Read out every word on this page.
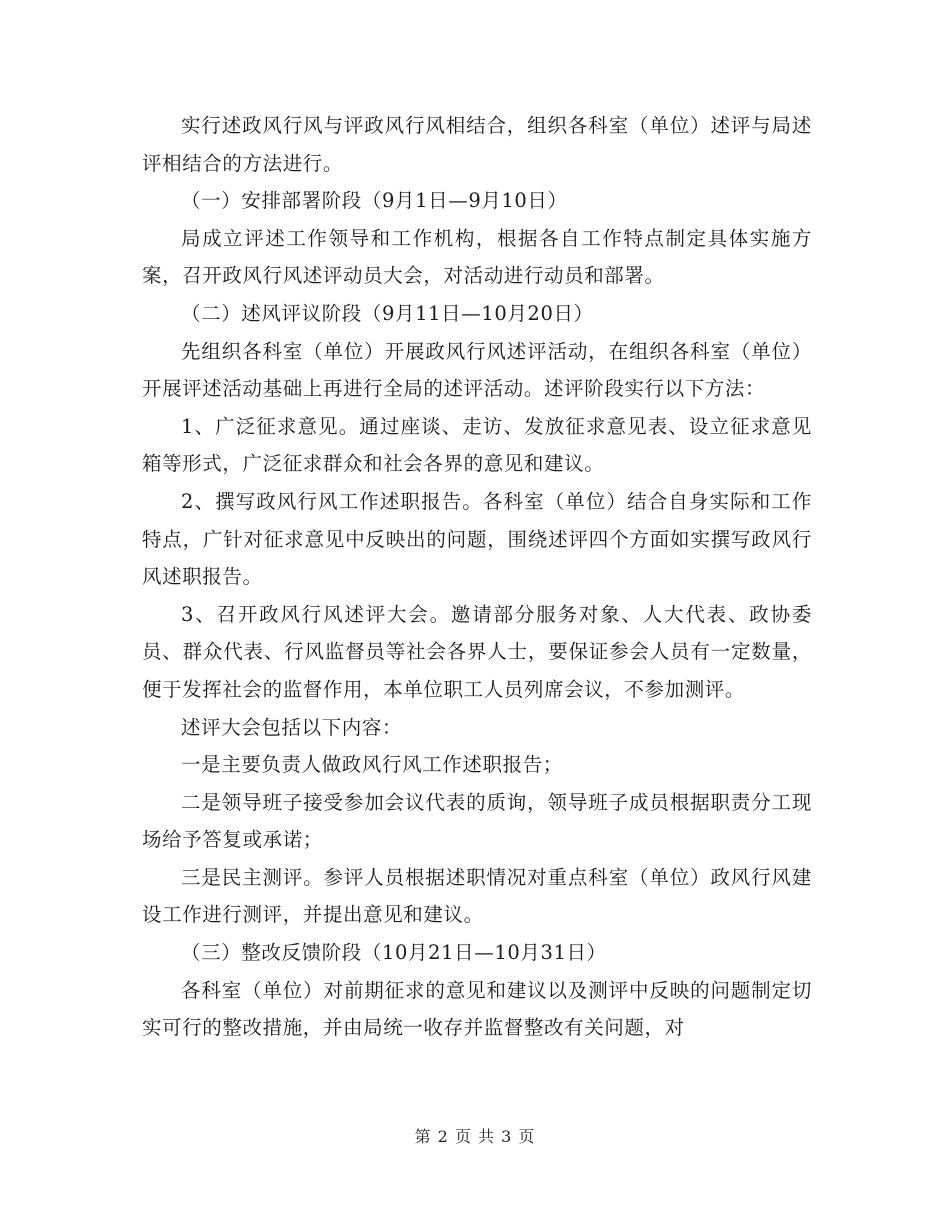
实行述政风行风与评政风行风相结合，组织各科室（单位）述评与局述评相结合的方法进行。

（一）安排部署阶段（9月1日—9月10日）

局成立评述工作领导和工作机构，根据各自工作特点制定具体实施方案，召开政风行风述评动员大会，对活动进行动员和部署。

（二）述风评议阶段（9月11日—10月20日）

先组织各科室（单位）开展政风行风述评活动，在组织各科室（单位）开展评述活动基础上再进行全局的述评活动。述评阶段实行以下方法：

1、广泛征求意见。通过座谈、走访、发放征求意见表、设立征求意见箱等形式，广泛征求群众和社会各界的意见和建议。

2、撰写政风行风工作述职报告。各科室（单位）结合自身实际和工作特点，广针对征求意见中反映出的问题，围绕述评四个方面如实撰写政风行风述职报告。

3、召开政风行风述评大会。邀请部分服务对象、人大代表、政协委员、群众代表、行风监督员等社会各界人士，要保证参会人员有一定数量，便于发挥社会的监督作用，本单位职工人员列席会议，不参加测评。

述评大会包括以下内容：

一是主要负责人做政风行风工作述职报告；

二是领导班子接受参加会议代表的质询，领导班子成员根据职责分工现场给予答复或承诺；

三是民主测评。参评人员根据述职情况对重点科室（单位）政风行风建设工作进行测评，并提出意见和建议。

（三）整改反馈阶段（10月21日—10月31日）

各科室（单位）对前期征求的意见和建议以及测评中反映的问题制定切实可行的整改措施，并由局统一收存并监督整改有关问题，对

第 2 页 共 3 页
